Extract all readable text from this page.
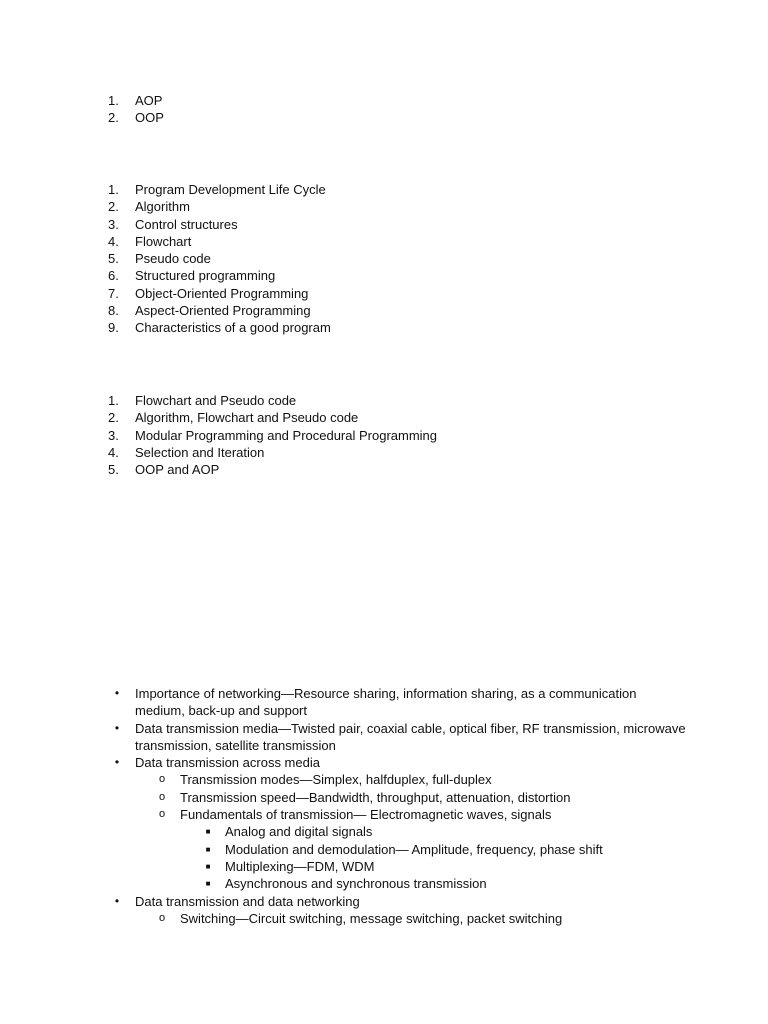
1.	AOP
2.	OOP
1.	Program Development Life Cycle
2.	Algorithm
3.	Control structures
4.	Flowchart
5.	Pseudo code
6.	Structured programming
7.	Object-Oriented Programming
8.	Aspect-Oriented Programming
9.	Characteristics of a good program
1.	Flowchart and Pseudo code
2.	Algorithm, Flowchart and Pseudo code
3.	Modular Programming and Procedural Programming
4.	Selection and Iteration
5.	OOP and AOP
•	Importance of networking—Resource sharing, information sharing, as a communication medium, back-up and support
•	Data transmission media—Twisted pair, coaxial cable, optical fiber, RF transmission, microwave transmission, satellite transmission
•	Data transmission across media
o Transmission modes—Simplex, halfduplex, full-duplex
o Transmission speed—Bandwidth, throughput, attenuation, distortion
o Fundamentals of transmission— Electromagnetic waves, signals
■ Analog and digital signals
■ Modulation and demodulation— Amplitude, frequency, phase shift
■ Multiplexing—FDM, WDM
■ Asynchronous and synchronous transmission
•	Data transmission and data networking
o Switching—Circuit switching, message switching, packet switching
